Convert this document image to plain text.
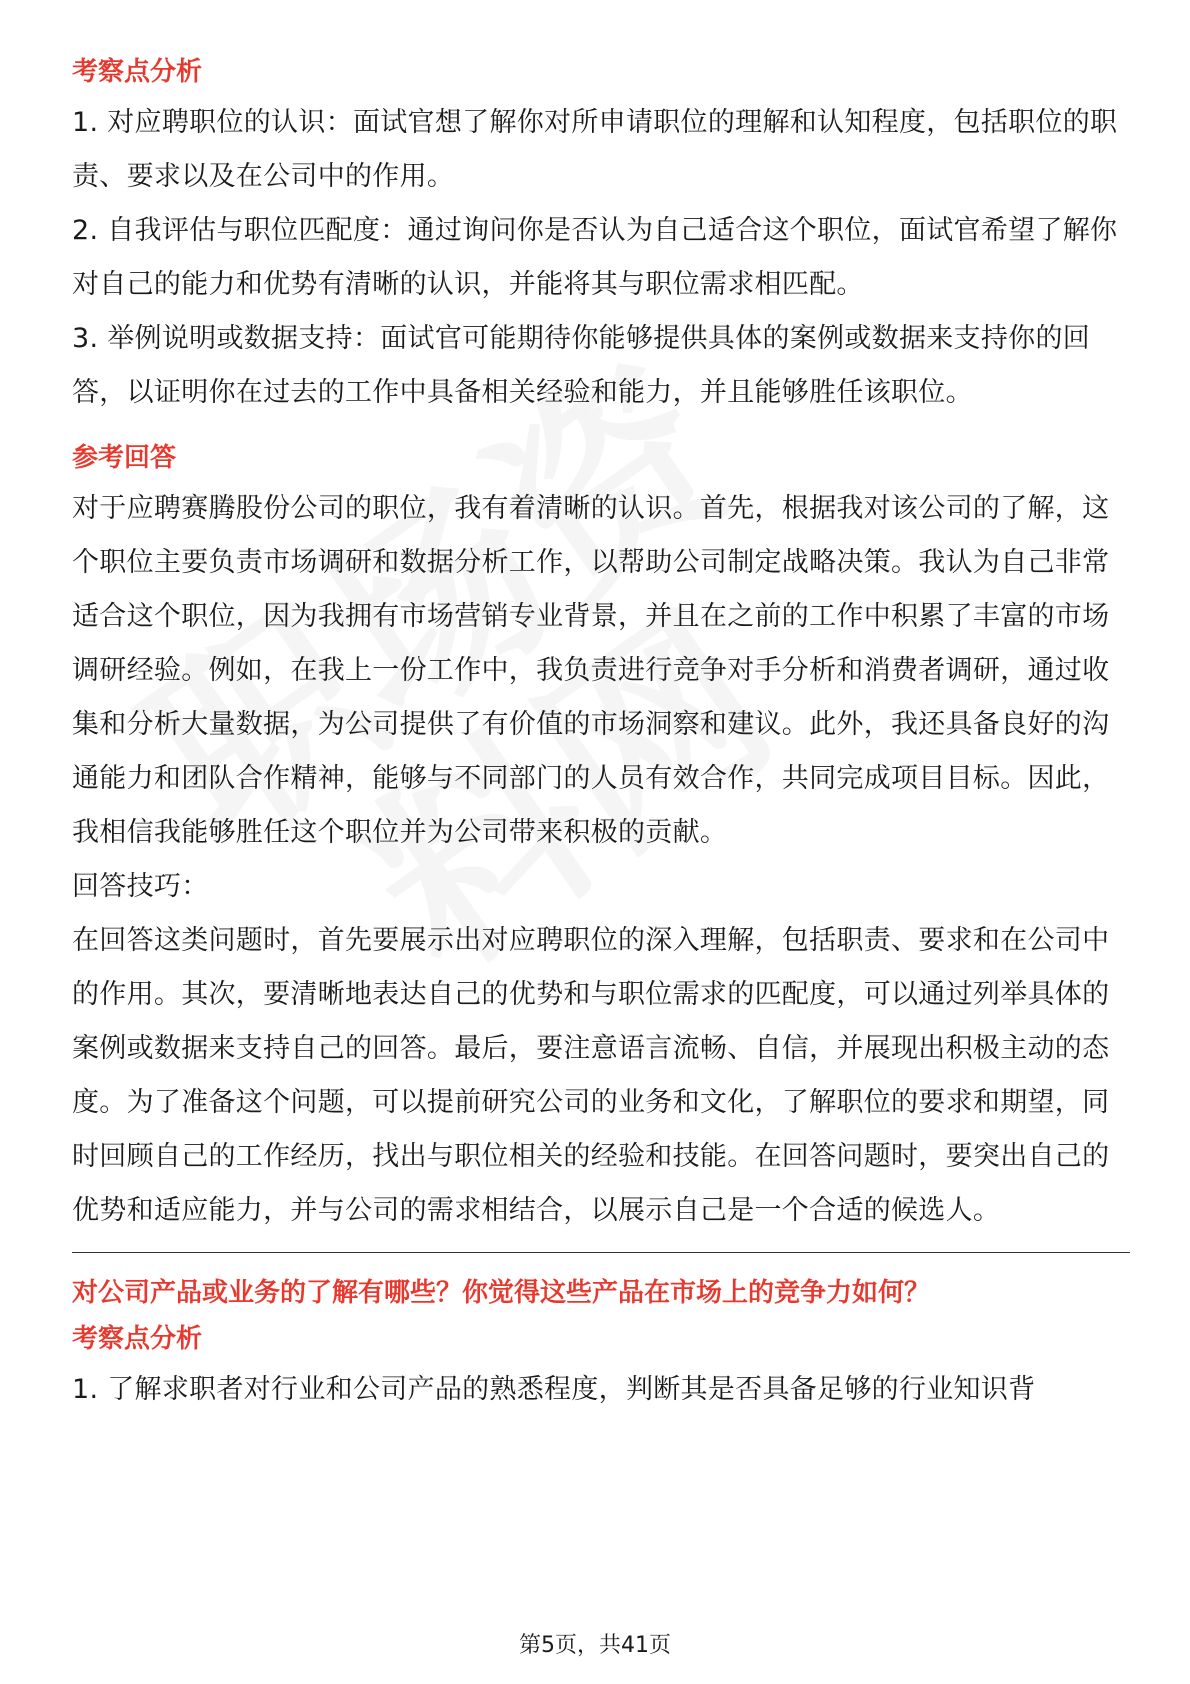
考察点分析

1. 对应聘职位的认识：面试官想了解你对所申请职位的理解和认知程度，包括职位的职责、要求以及在公司中的作用。

2. 自我评估与职位匹配度：通过询问你是否认为自己适合这个职位，面试官希望了解你对自己的能力和优势有清晰的认识，并能将其与职位需求相匹配。

3. 举例说明或数据支持：面试官可能期待你能够提供具体的案例或数据来支持你的回答，以证明你在过去的工作中具备相关经验和能力，并且能够胜任该职位。

参考回答

对于应聘赛腾股份公司的职位，我有着清晰的认识。首先，根据我对该公司的了解，这个职位主要负责市场调研和数据分析工作，以帮助公司制定战略决策。我认为自己非常适合这个职位，因为我拥有市场营销专业背景，并且在之前的工作中积累了丰富的市场调研经验。例如，在我上一份工作中，我负责进行竞争对手分析和消费者调研，通过收集和分析大量数据，为公司提供了有价值的市场洞察和建议。此外，我还具备良好的沟通能力和团队合作精神，能够与不同部门的人员有效合作，共同完成项目目标。因此，我相信我能够胜任这个职位并为公司带来积极的贡献。

回答技巧：

在回答这类问题时，首先要展示出对应聘职位的深入理解，包括职责、要求和在公司中的作用。其次，要清晰地表达自己的优势和与职位需求的匹配度，可以通过列举具体的案例或数据来支持自己的回答。最后，要注意语言流畅、自信，并展现出积极主动的态度。为了准备这个问题，可以提前研究公司的业务和文化，了解职位的要求和期望，同时回顾自己的工作经历，找出与职位相关的经验和技能。在回答问题时，要突出自己的优势和适应能力，并与公司的需求相结合，以展示自己是一个合适的候选人。

对公司产品或业务的了解有哪些？你觉得这些产品在市场上的竞争力如何？

考察点分析

1. 了解求职者对行业和公司产品的熟悉程度，判断其是否具备足够的行业知识背

第5页，共41页
